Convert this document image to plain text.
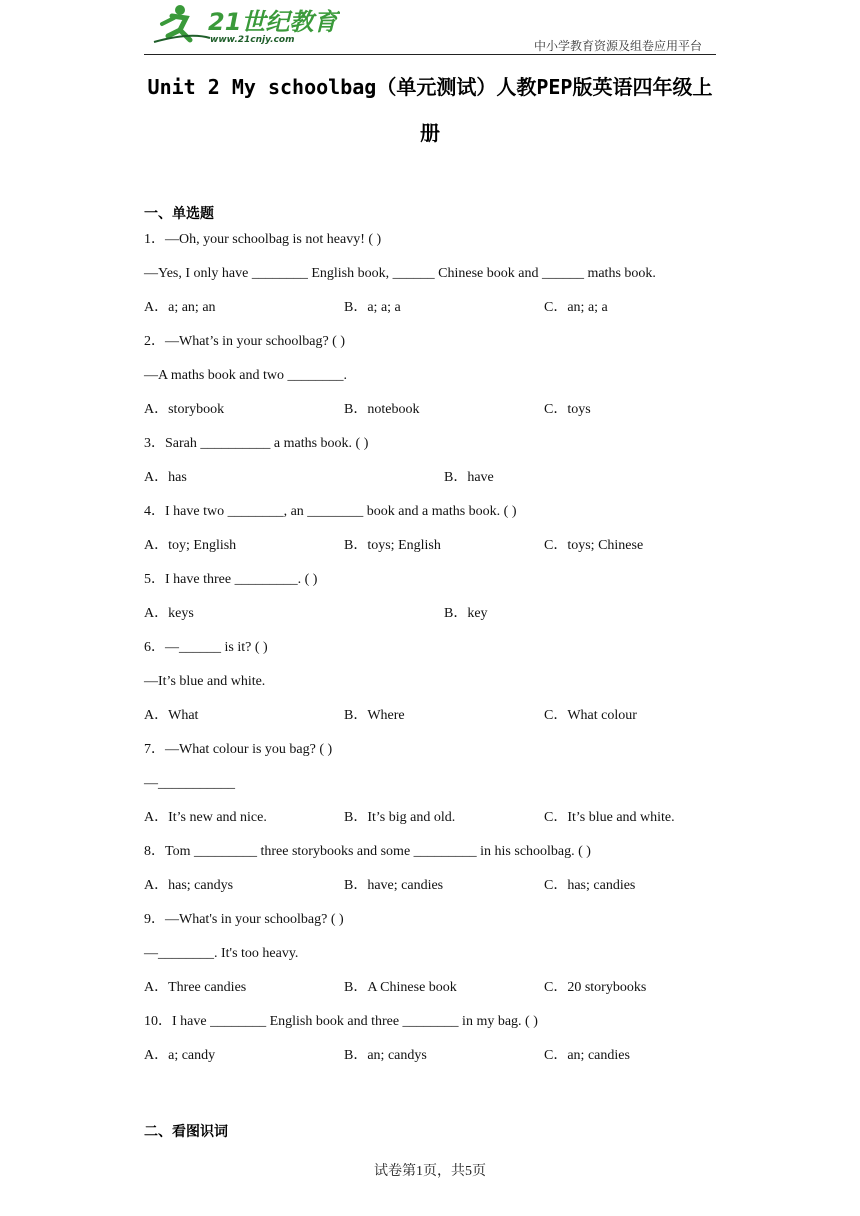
21世纪教育
www.21cnjy.com	中小学教育资源及组卷应用平台
Unit 2 My schoolbag（单元测试）人教PEP版英语四年级上册
一、单选题
1．—Oh, your schoolbag is not heavy! ( )
—Yes, I only have ________ English book, ______ Chinese book and ______ maths book.
A．a; an; an	B．a; a; a	C．an; a; a
2．—What’s in your schoolbag? ( )
—A maths book and two ________.
A．storybook	B．notebook	C．toys
3．Sarah __________ a maths book. ( )
A．has	B．have
4．I have two ________, an ________ book and a maths book. ( )
A．toy; English	B．toys; English	C．toys; Chinese
5．I have three _________. ( )
A．keys	B．key
6．—______ is it? ( )
—It’s blue and white.
A．What	B．Where	C．What colour
7．—What colour is you bag? ( )
—___________
A．It’s new and nice.	B．It’s big and old.	C．It’s blue and white.
8．Tom _________ three storybooks and some _________ in his schoolbag. ( )
A．has; candys	B．have; candies	C．has; candies
9．—What's in your schoolbag? ( )
—________. It's too heavy.
A．Three candies	B．A Chinese book	C．20 storybooks
10．I have ________ English book and three ________ in my bag. ( )
A．a; candy	B．an; candys	C．an; candies
二、看图识词
试卷第1页，共5页
